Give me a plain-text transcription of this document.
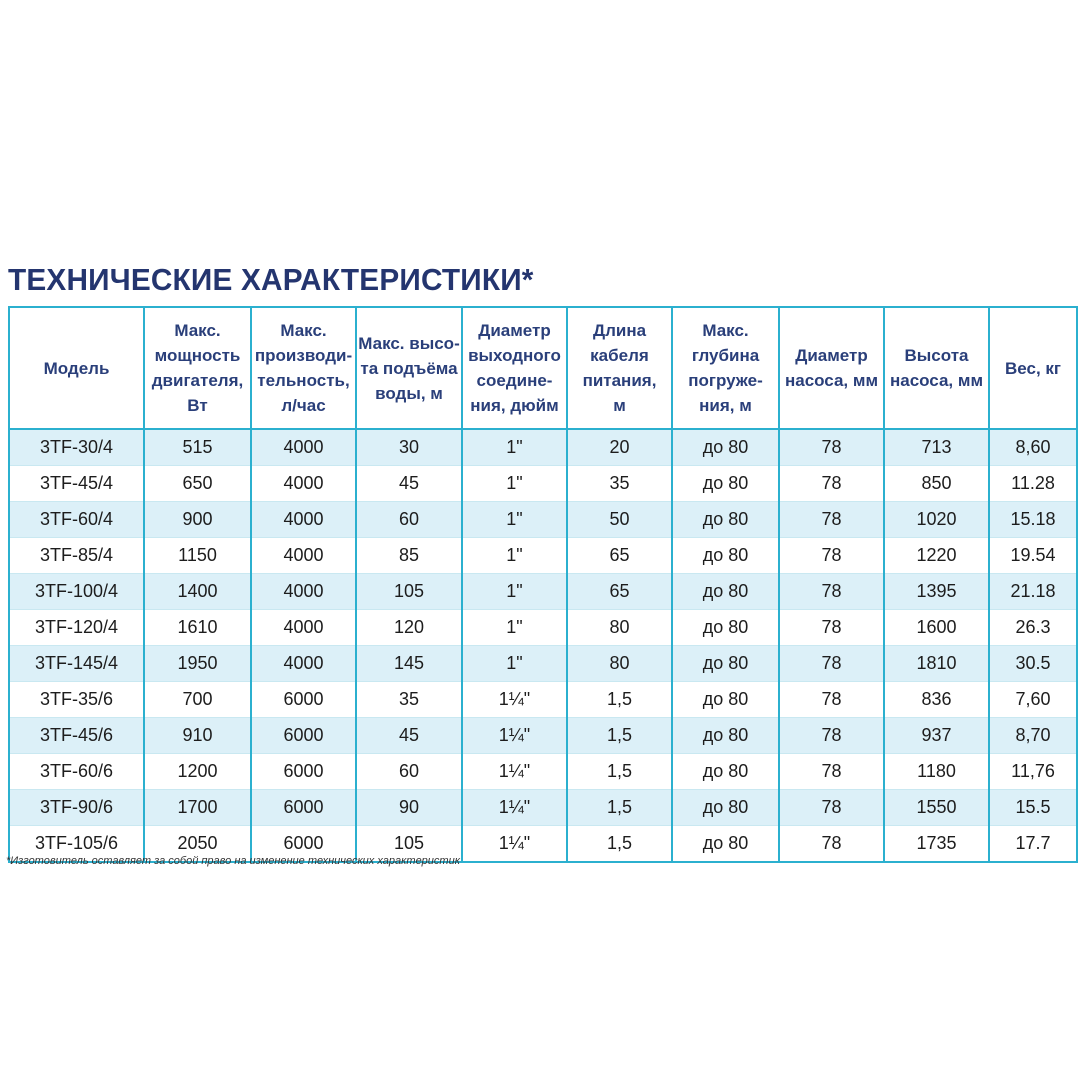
ТЕХНИЧЕСКИЕ ХАРАКТЕРИСТИКИ*
Модель	Макс.
мощность
двигателя,
Вт	Макс.
производи-
тельность,
л/час	Макс. высо-
та подъёма
воды, м	Диаметр
выходного
соедине-
ния, дюйм	Длина
кабеля
питания,
м	Макс.
глубина
погруже-
ния, м	Диаметр
насоса, мм	Высота
насоса, мм	Вес, кг

3TF-30/4	515	4000	30	1"	20	до 80	78	713	8,60
3TF-45/4	650	4000	45	1"	35	до 80	78	850	11.28
3TF-60/4	900	4000	60	1"	50	до 80	78	1020	15.18
3TF-85/4	1150	4000	85	1"	65	до 80	78	1220	19.54
3TF-100/4	1400	4000	105	1"	65	до 80	78	1395	21.18
3TF-120/4	1610	4000	120	1"	80	до 80	78	1600	26.3
3TF-145/4	1950	4000	145	1"	80	до 80	78	1810	30.5
3TF-35/6	700	6000	35	1¼"	1,5	до 80	78	836	7,60
3TF-45/6	910	6000	45	1¼"	1,5	до 80	78	937	8,70
3TF-60/6	1200	6000	60	1¼"	1,5	до 80	78	1180	11,76
3TF-90/6	1700	6000	90	1¼"	1,5	до 80	78	1550	15.5
3TF-105/6	2050	6000	105	1¼"	1,5	до 80	78	1735	17.7
*Изготовитель оставляет за собой право на изменение технических характеристик
